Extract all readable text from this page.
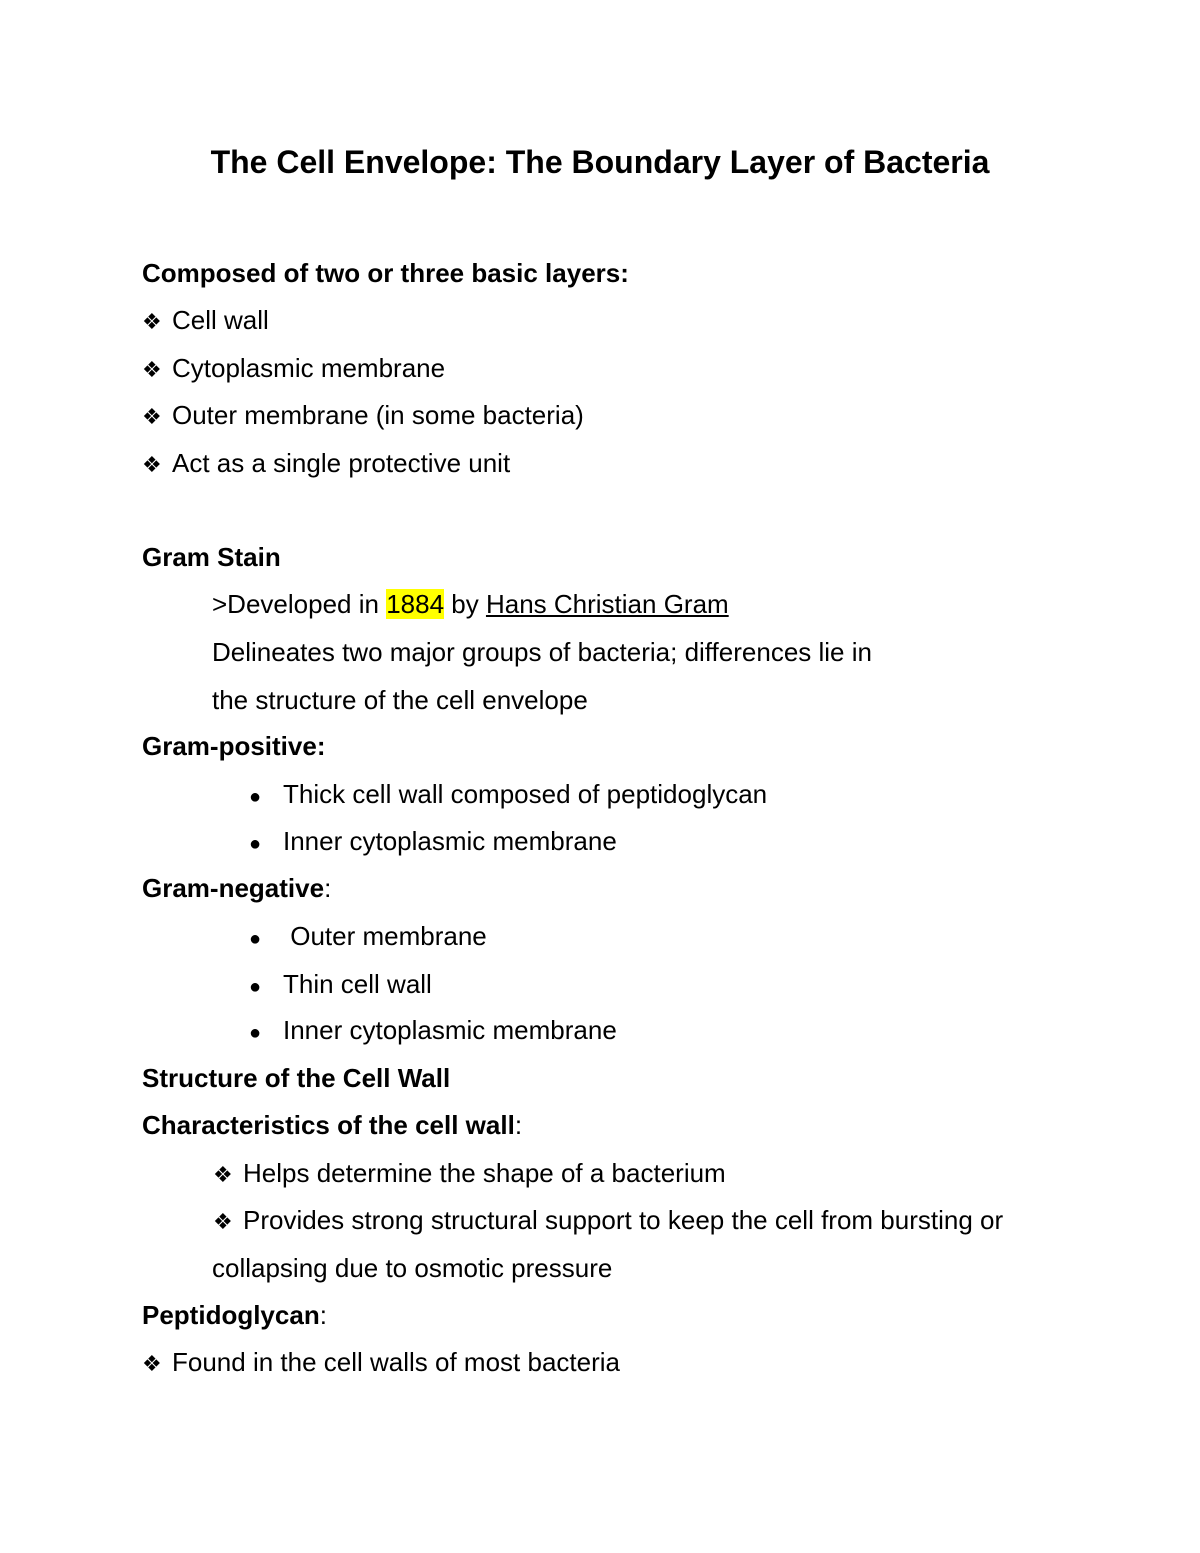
The Cell Envelope: The Boundary Layer of Bacteria

Composed of two or three basic layers:

❖ Cell wall

❖ Cytoplasmic membrane

❖ Outer membrane (in some bacteria)

❖ Act as a single protective unit

Gram Stain

>Developed in 1884 by Hans Christian Gram

Delineates two major groups of bacteria; differences lie in

the structure of the cell envelope

Gram-positive:

● Thick cell wall composed of peptidoglycan

● Inner cytoplasmic membrane

Gram-negative:

● Outer membrane

● Thin cell wall

● Inner cytoplasmic membrane

Structure of the Cell Wall

Characteristics of the cell wall:

❖ Helps determine the shape of a bacterium

❖ Provides strong structural support to keep the cell from bursting or

collapsing due to osmotic pressure

Peptidoglycan:

❖ Found in the cell walls of most bacteria
